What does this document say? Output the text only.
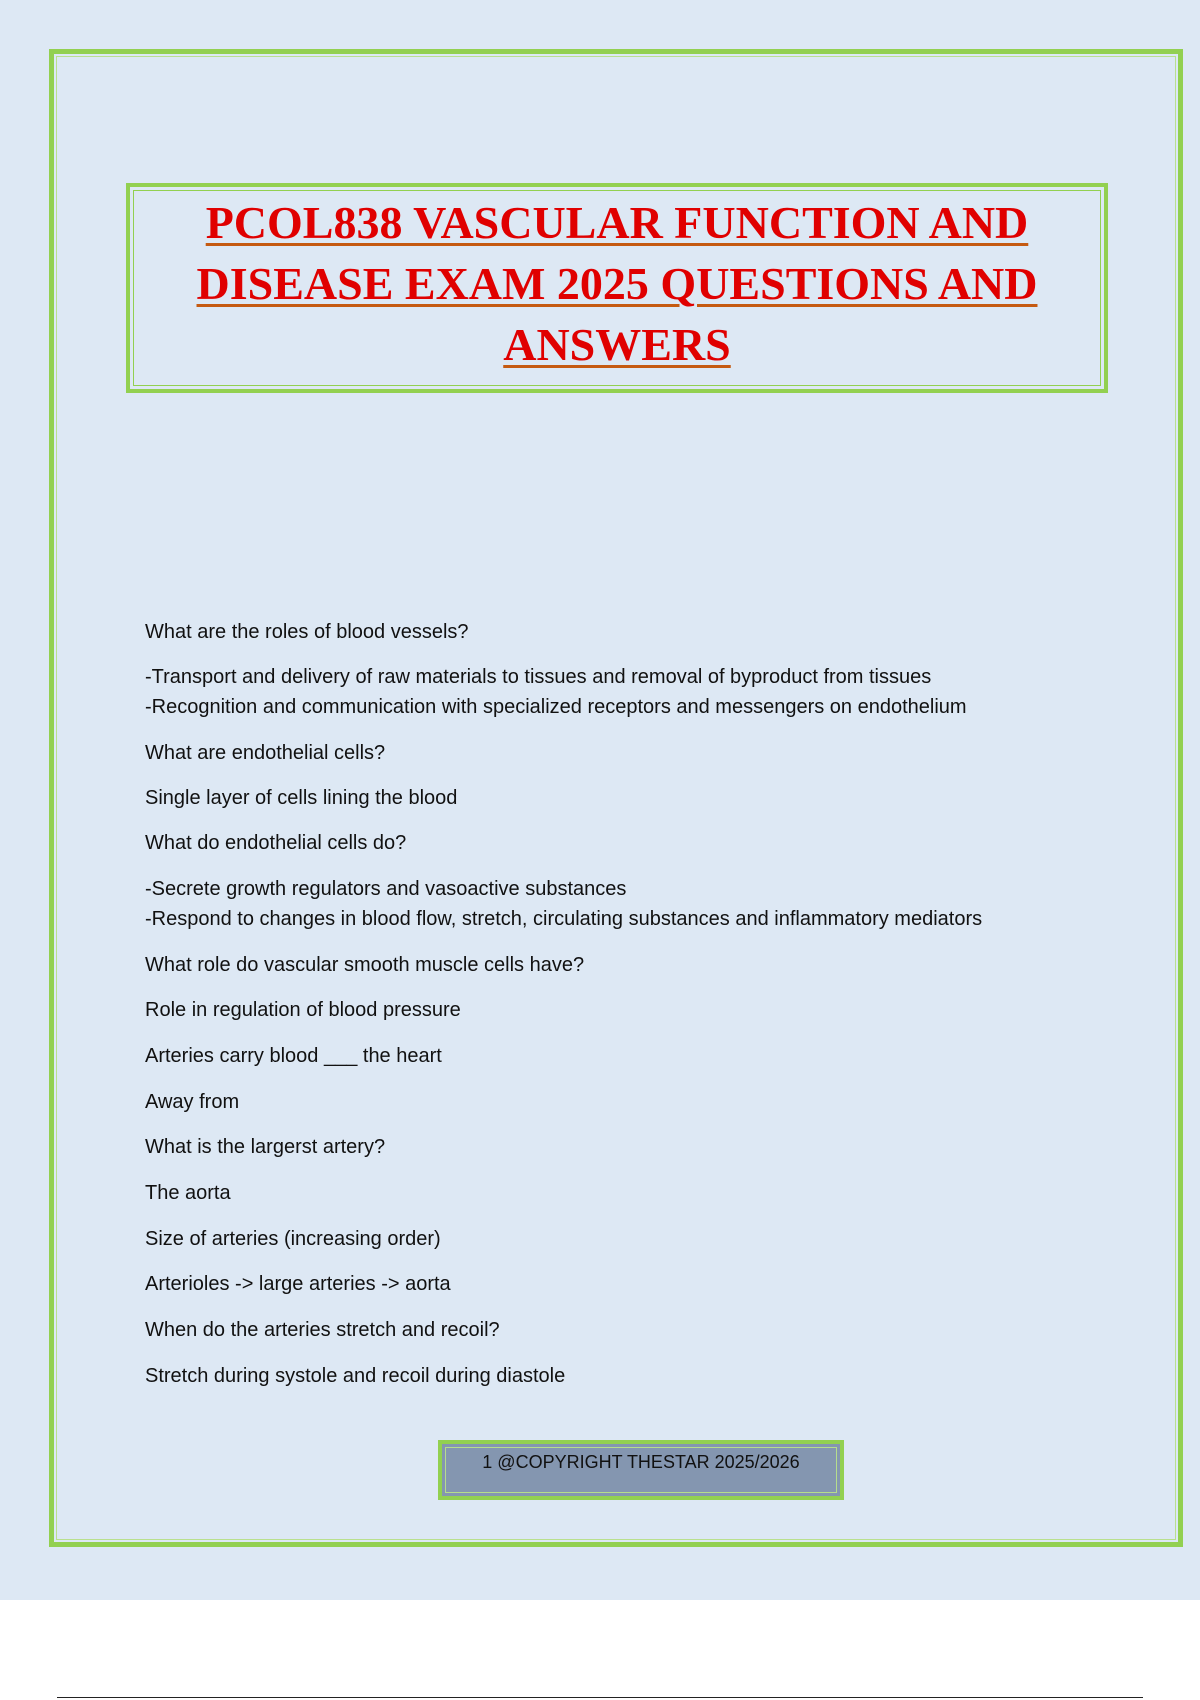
PCOL838 VASCULAR FUNCTION AND
DISEASE EXAM 2025 QUESTIONS AND
ANSWERS
What are the roles of blood vessels?
-Transport and delivery of raw materials to tissues and removal of byproduct from tissues
-Recognition and communication with specialized receptors and messengers on endothelium
What are endothelial cells?
Single layer of cells lining the blood
What do endothelial cells do?
-Secrete growth regulators and vasoactive substances
-Respond to changes in blood flow, stretch, circulating substances and inflammatory mediators
What role do vascular smooth muscle cells have?
Role in regulation of blood pressure
Arteries carry blood ___ the heart
Away from
What is the largerst artery?
The aorta
Size of arteries (increasing order)
Arterioles -> large arteries -> aorta
When do the arteries stretch and recoil?
Stretch during systole and recoil during diastole
1 @COPYRIGHT THESTAR 2025/2026
